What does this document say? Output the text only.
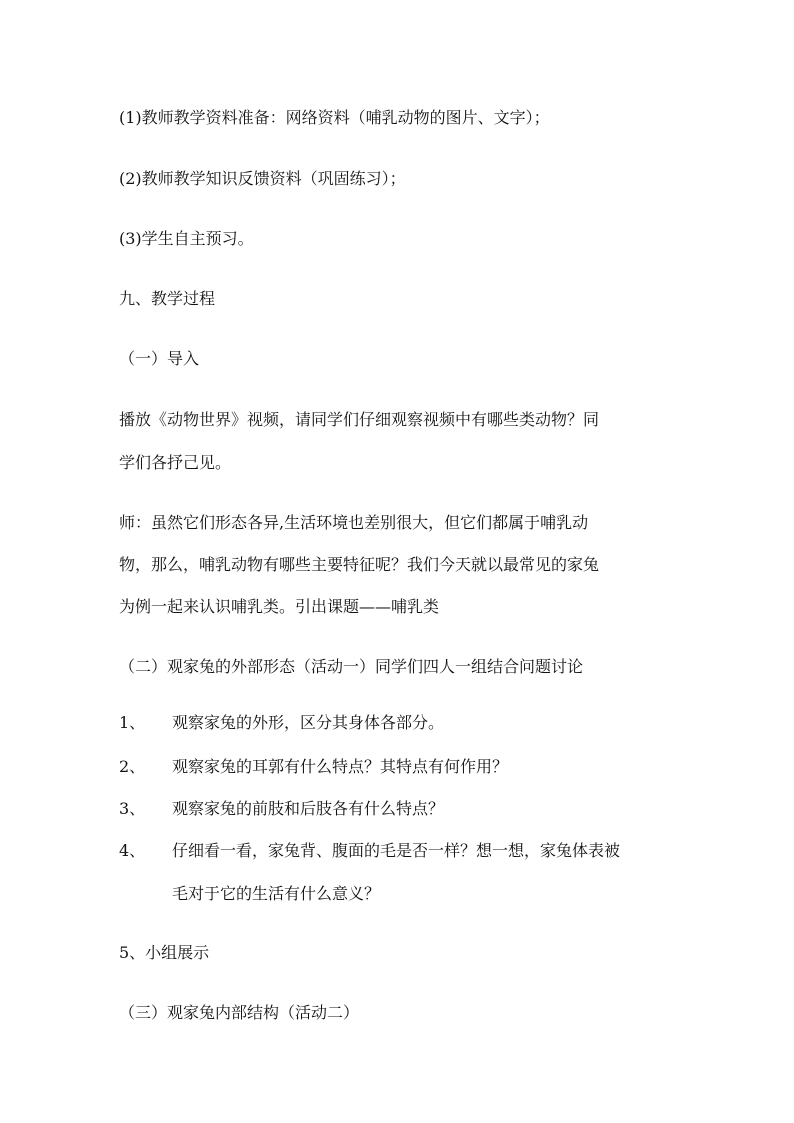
(1)教师教学资料准备：网络资料（哺乳动物的图片、文字）；
(2)教师教学知识反馈资料（巩固练习）；
(3)学生自主预习。
九、教学过程
（一）导入
播放《动物世界》视频，请同学们仔细观察视频中有哪些类动物？同
学们各抒己见。
师：虽然它们形态各异,生活环境也差别很大，但它们都属于哺乳动
物，那么，哺乳动物有哪些主要特征呢？我们今天就以最常见的家兔
为例一起来认识哺乳类。引出课题——哺乳类
（二）观家兔的外部形态（活动一）同学们四人一组结合问题讨论
1、 观察家兔的外形，区分其身体各部分。
2、 观察家兔的耳郭有什么特点？其特点有何作用？
3、 观察家兔的前肢和后肢各有什么特点？
4、 仔细看一看，家兔背、腹面的毛是否一样？想一想，家兔体表被
毛对于它的生活有什么意义？
5、小组展示
（三）观家兔内部结构（活动二）
